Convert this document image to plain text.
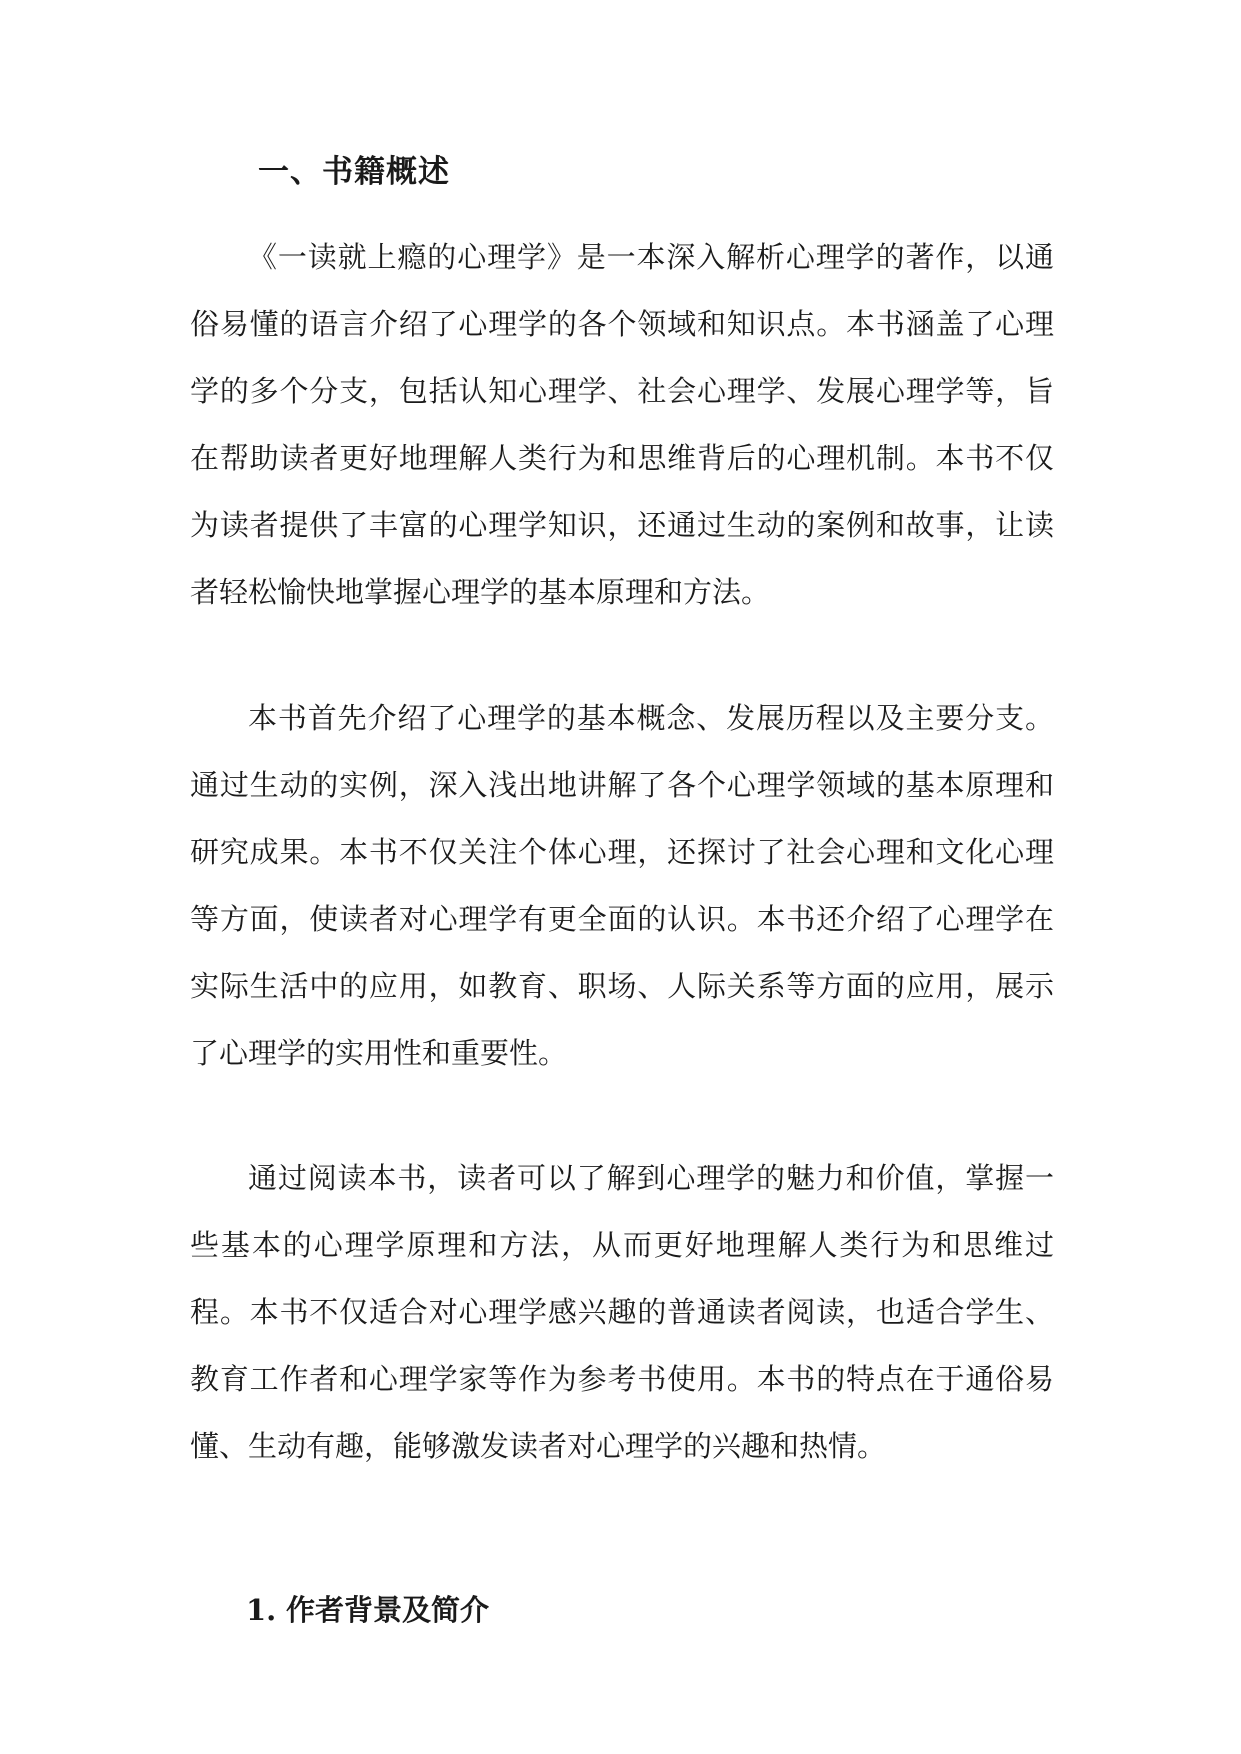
一、书籍概述

《一读就上瘾的心理学》是一本深入解析心理学的著作，以通俗易懂的语言介绍了心理学的各个领域和知识点。本书涵盖了心理学的多个分支，包括认知心理学、社会心理学、发展心理学等，旨在帮助读者更好地理解人类行为和思维背后的心理机制。本书不仅为读者提供了丰富的心理学知识，还通过生动的案例和故事，让读者轻松愉快地掌握心理学的基本原理和方法。

本书首先介绍了心理学的基本概念、发展历程以及主要分支。通过生动的实例，深入浅出地讲解了各个心理学领域的基本原理和研究成果。本书不仅关注个体心理，还探讨了社会心理和文化心理等方面，使读者对心理学有更全面的认识。本书还介绍了心理学在实际生活中的应用，如教育、职场、人际关系等方面的应用，展示了心理学的实用性和重要性。

通过阅读本书，读者可以了解到心理学的魅力和价值，掌握一些基本的心理学原理和方法，从而更好地理解人类行为和思维过程。本书不仅适合对心理学感兴趣的普通读者阅读，也适合学生、教育工作者和心理学家等作为参考书使用。本书的特点在于通俗易懂、生动有趣，能够激发读者对心理学的兴趣和热情。

1. 作者背景及简介
